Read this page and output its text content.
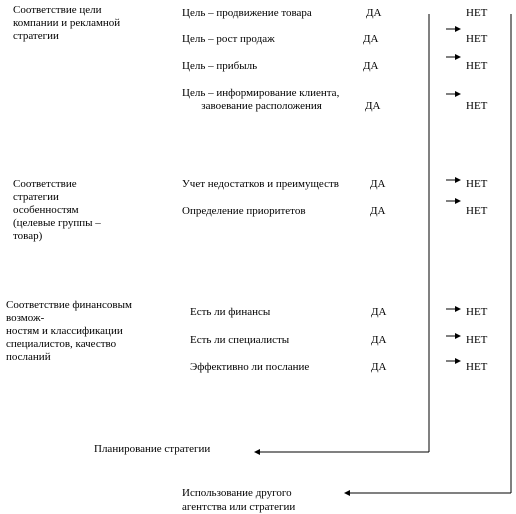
Соответствие цели
компании и рекламной
стратегии
Цель – продвижение товара	ДА	НЕТ
Цель – рост продаж	ДА	НЕТ
Цель – прибыль	ДА	НЕТ
Цель – информирование клиента,
завоевание расположения	ДА	НЕТ
Соответствие
стратегии
особенностям
(целевые группы –
товар)
Учет недостатков и преимуществ	ДА	НЕТ
Определение приоритетов	ДА	НЕТ
Соответствие финансовым
возмож-
ностям и классификации
специалистов, качество
посланий
Есть ли финансы	ДА	НЕТ
Есть ли специалисты	ДА	НЕТ
Эффективно ли послание	ДА	НЕТ
Планирование стратегии
Использование другого
агентства или стратегии
